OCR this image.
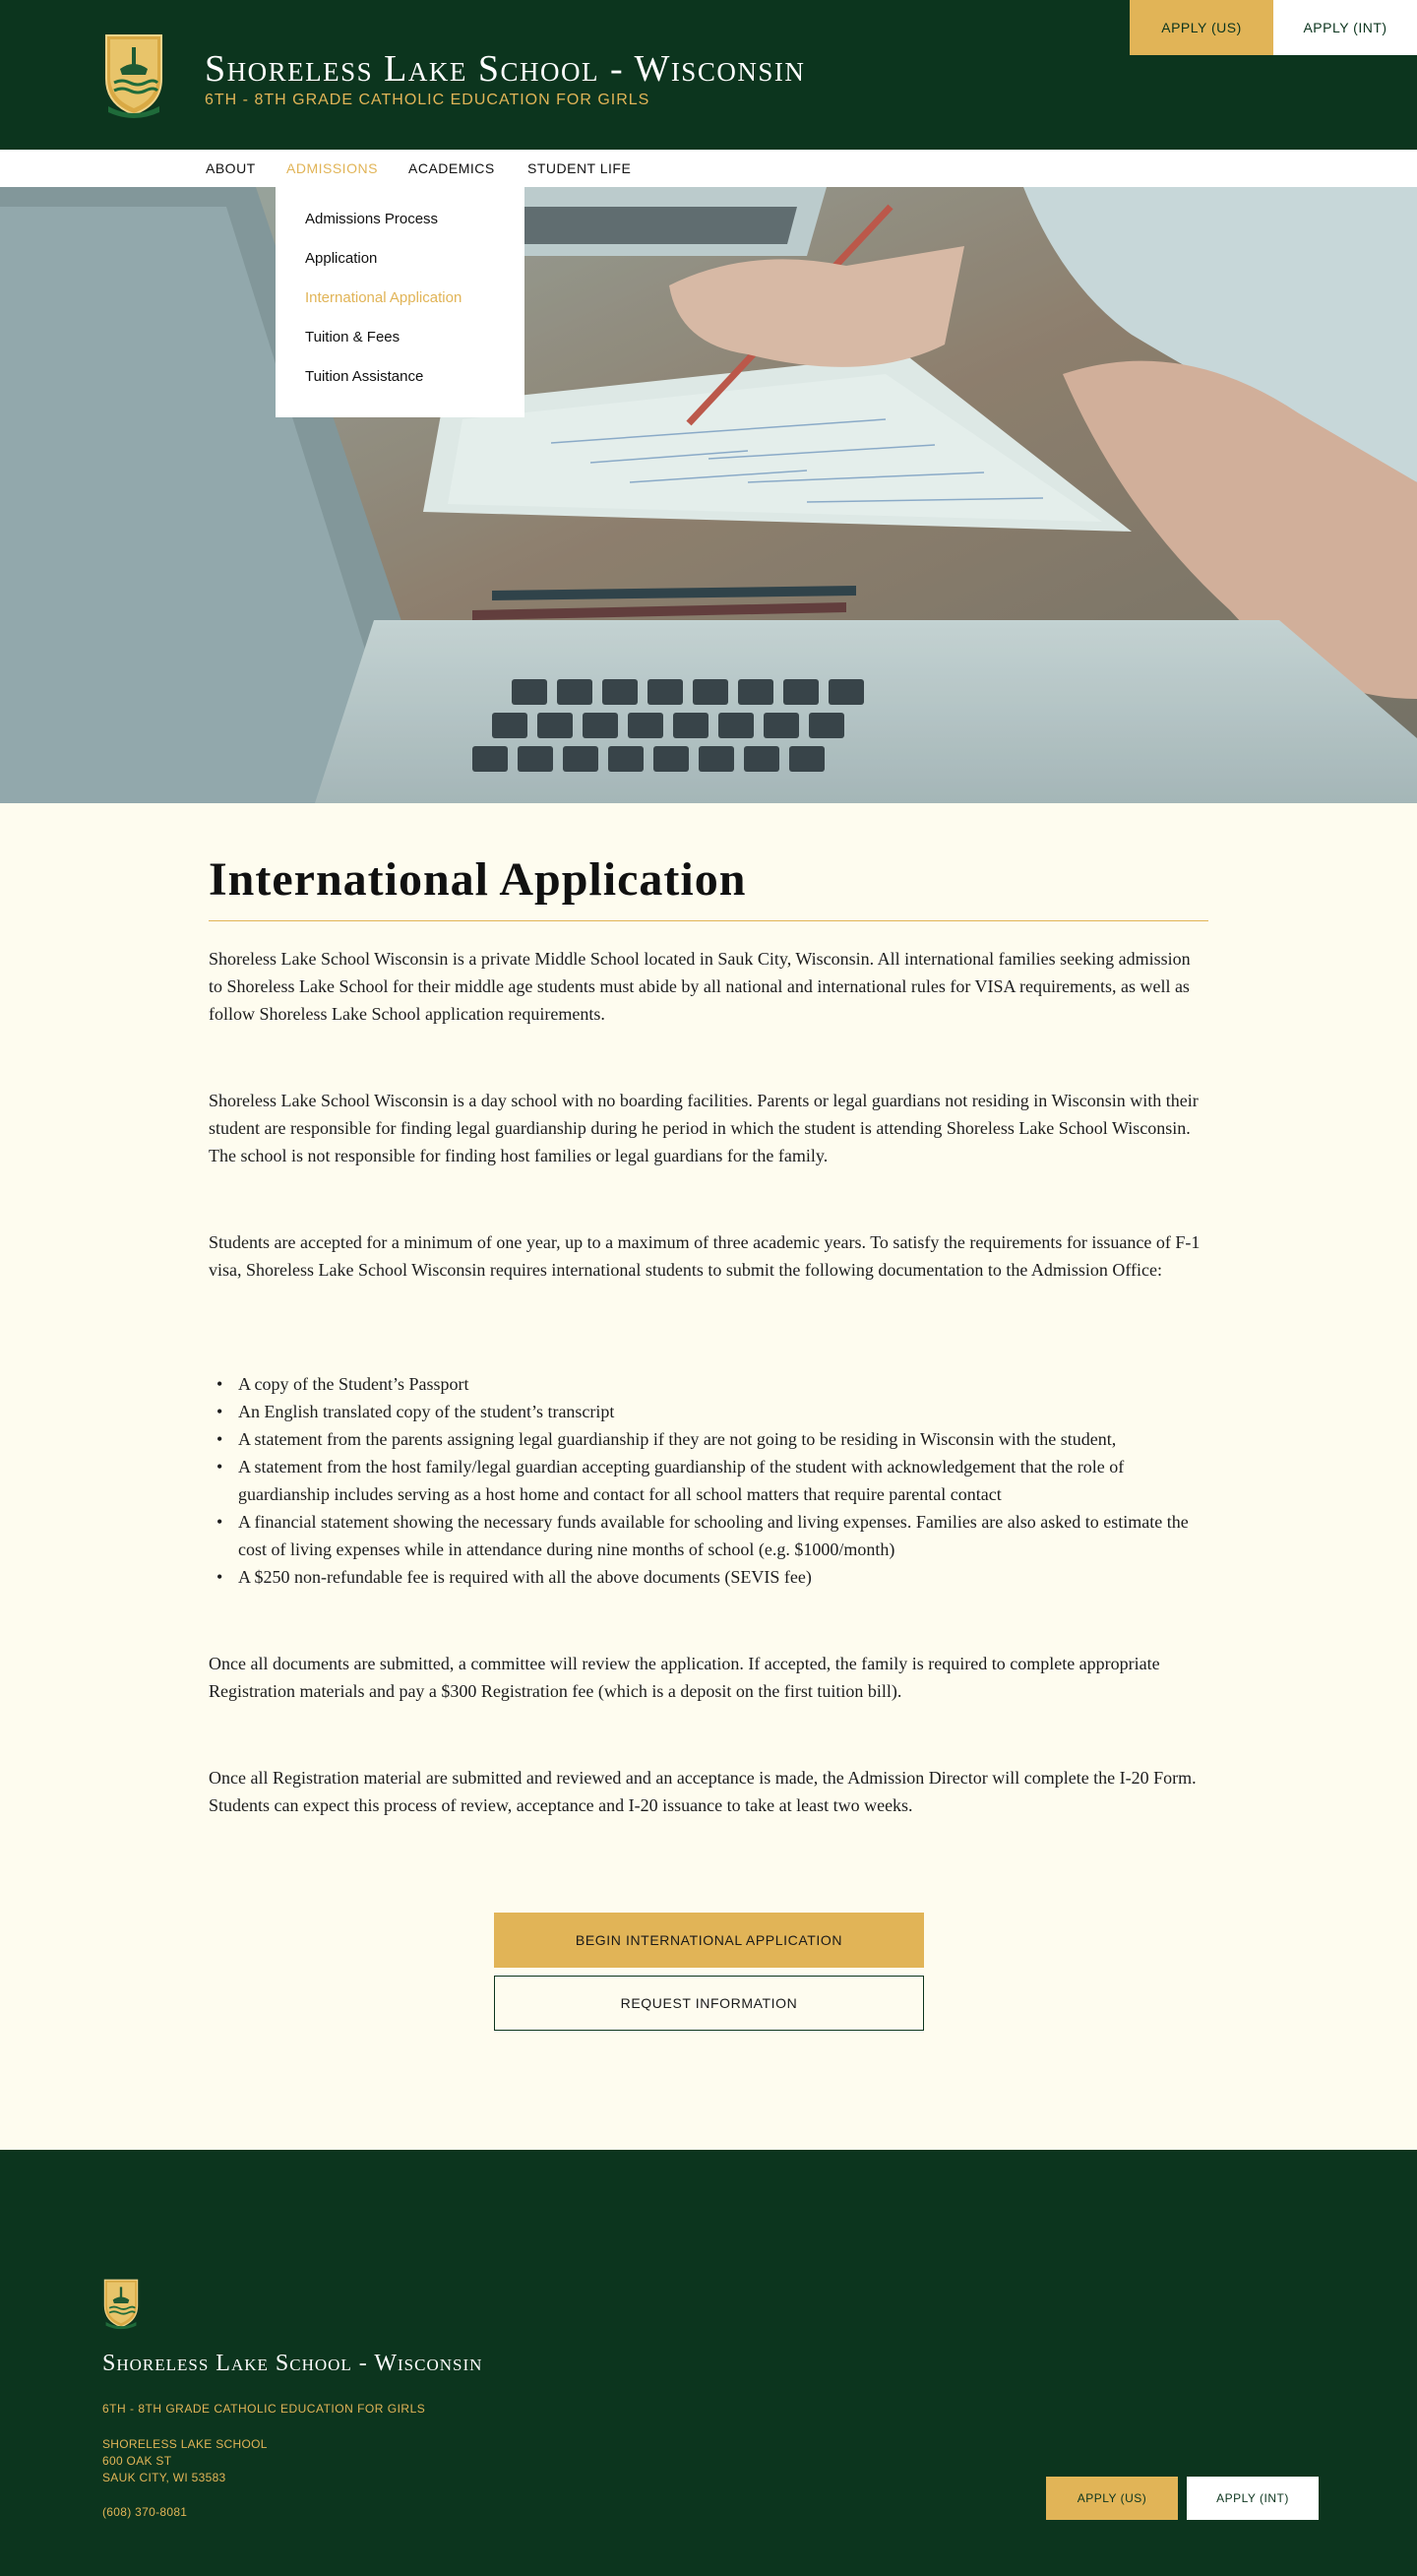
Shoreless Lake School - Wisconsin
6TH - 8TH GRADE CATHOLIC EDUCATION FOR GIRLS
APPLY (US)	APPLY (INT)
ABOUT ADMISSIONS ACADEMICS STUDENT LIFE
Admissions Process
Application
International Application
Tuition & Fees
Tuition Assistance
International Application

Shoreless Lake School Wisconsin is a private Middle School located in Sauk City, Wisconsin. All international families seeking admission to Shoreless Lake School for their middle age students must abide by all national and international rules for VISA requirements, as well as follow Shoreless Lake School application requirements.

Shoreless Lake School Wisconsin is a day school with no boarding facilities. Parents or legal guardians not residing in Wisconsin with their student are responsible for finding legal guardianship during he period in which the student is attending Shoreless Lake School Wisconsin. The school is not responsible for finding host families or legal guardians for the family.

Students are accepted for a minimum of one year, up to a maximum of three academic years. To satisfy the requirements for issuance of F-1 visa, Shoreless Lake School Wisconsin requires international students to submit the following documentation to the Admission Office:

• A copy of the Student’s Passport
• An English translated copy of the student’s transcript
• A statement from the parents assigning legal guardianship if they are not going to be residing in Wisconsin with the student,
• A statement from the host family/legal guardian accepting guardianship of the student with acknowledgement that the role of guardianship includes serving as a host home and contact for all school matters that require parental contact
• A financial statement showing the necessary funds available for schooling and living expenses. Families are also asked to estimate the cost of living expenses while in attendance during nine months of school (e.g. $1000/month)
• A $250 non-refundable fee is required with all the above documents (SEVIS fee)

Once all documents are submitted, a committee will review the application. If accepted, the family is required to complete appropriate Registration materials and pay a $300 Registration fee (which is a deposit on the first tuition bill).

Once all Registration material are submitted and reviewed and an acceptance is made, the Admission Director will complete the I-20 Form. Students can expect this process of review, acceptance and I-20 issuance to take at least two weeks.

BEGIN INTERNATIONAL APPLICATION
REQUEST INFORMATION
Shoreless Lake School - Wisconsin
6TH - 8TH GRADE CATHOLIC EDUCATION FOR GIRLS
SHORELESS LAKE SCHOOL
600 OAK ST
SAUK CITY, WI 53583
(608) 370-8081
APPLY (US)	APPLY (INT)
